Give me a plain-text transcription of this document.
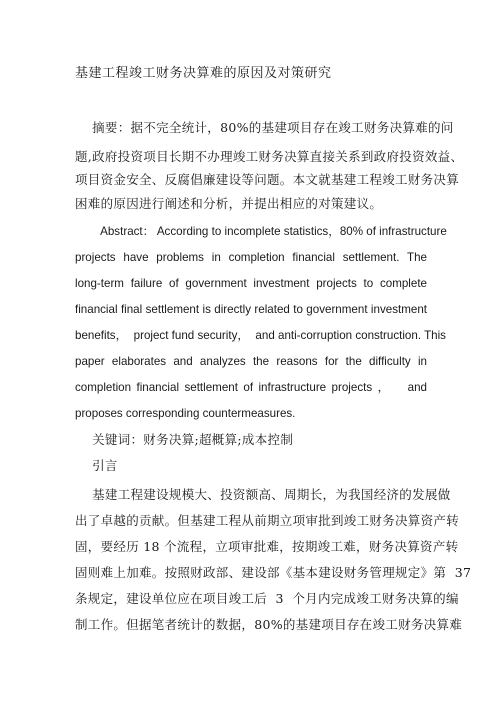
基建工程竣工财务决算难的原因及对策研究
摘要：据不完全统计，80%的基建项目存在竣工财务决算难的问
题,政府投资项目长期不办理竣工财务决算直接关系到政府投资效益、
项目资金安全、反腐倡廉建设等问题。本文就基建工程竣工财务决算
困难的原因进行阐述和分析，并提出相应的对策建议。
Abstract： According to incomplete statistics，80% of infrastructure
projects have problems in completion financial settlement. The
long-term failure of government investment projects to complete
financial final settlement is directly related to government investment
benefits，  project fund security，  and anti-corruption construction. This
paper elaborates and analyzes the reasons for the difficulty in
completion financial settlement of infrastructure projects ，   and
proposes corresponding countermeasures.
关键词：财务决算;超概算;成本控制
引言
基建工程建设规模大、投资额高、周期长，为我国经济的发展做
出了卓越的贡献。但基建工程从前期立项审批到竣工财务决算资产转
固，要经历 18 个流程，立项审批难，按期竣工难，财务决算资产转
固则难上加难。按照财政部、建设部《基本建设财务管理规定》第  37
条规定，建设单位应在项目竣工后  3  个月内完成竣工财务决算的编
制工作。但据笔者统计的数据，80%的基建项目存在竣工财务决算难
